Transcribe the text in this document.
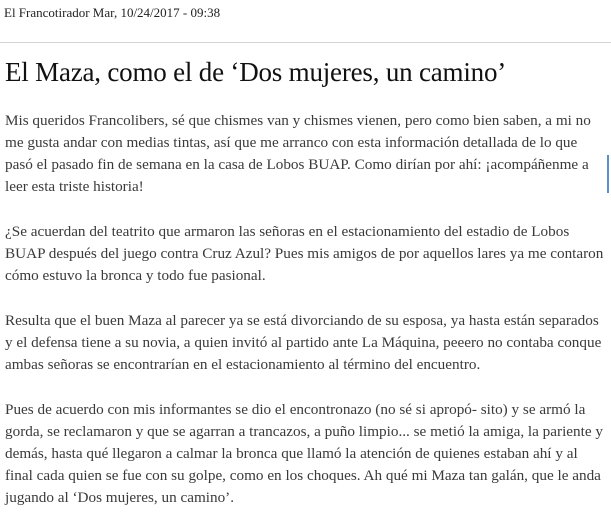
El Francotirador Mar, 10/24/2017 - 09:38
El Maza, como el de ‘Dos mujeres, un camino’

Mis queridos Francolibers, sé que chismes van y chismes vienen, pero como bien saben, a mi no me gusta andar con medias tintas, así que me arranco con esta información detallada de lo que pasó el pasado fin de semana en la casa de Lobos BUAP. Como dirían por ahí: ¡acompáñenme a leer esta triste historia!

¿Se acuerdan del teatrito que armaron las señoras en el estacionamiento del estadio de Lobos BUAP después del juego contra Cruz Azul? Pues mis amigos de por aquellos lares ya me contaron cómo estuvo la bronca y todo fue pasional.

Resulta que el buen Maza al parecer ya se está divorciando de su esposa, ya hasta están separados y el defensa tiene a su novia, a quien invitó al partido ante La Máquina, peeero no contaba conque ambas señoras se encontrarían en el estacionamiento al término del encuentro.

Pues de acuerdo con mis informantes se dio el encontronazo (no sé si apropó- sito) y se armó la gorda, se reclamaron y que se agarran a trancazos, a puño limpio... se metió la amiga, la pariente y demás, hasta qué llegaron a calmar la bronca que llamó la atención de quienes estaban ahí y al final cada quien se fue con su golpe, como en los choques. Ah qué mi Maza tan galán, que le anda jugando al ‘Dos mujeres, un camino’.
